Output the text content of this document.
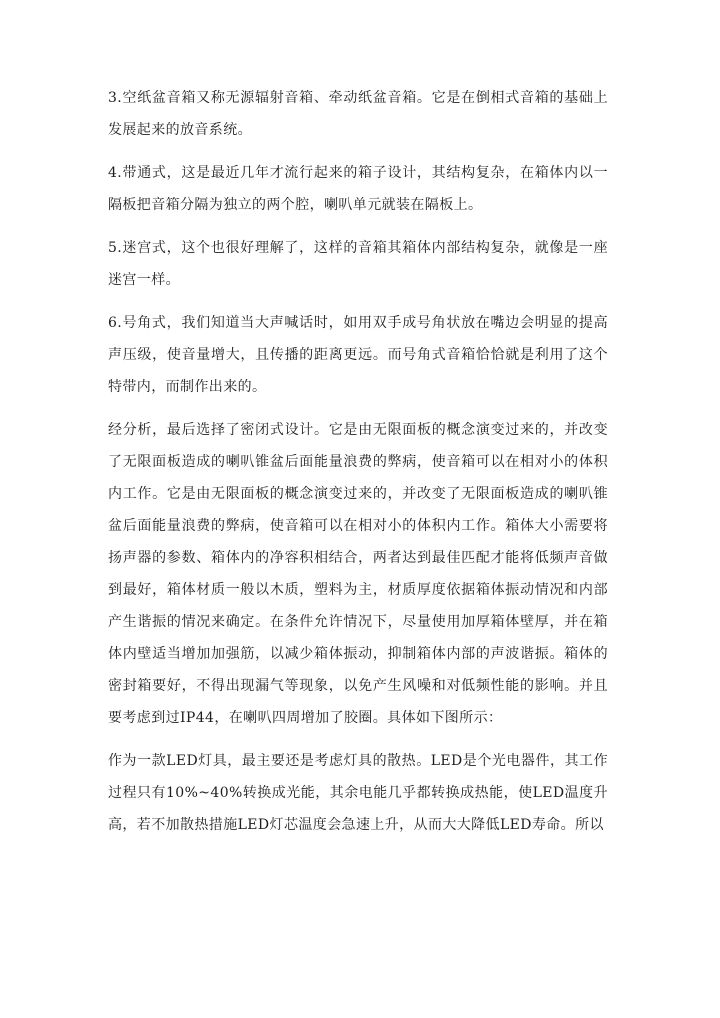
3.空纸盆音箱又称无源辐射音箱、牵动纸盆音箱。它是在倒相式音箱的基础上发展起来的放音系统。

4.带通式，这是最近几年才流行起来的箱子设计，其结构复杂，在箱体内以一隔板把音箱分隔为独立的两个腔，喇叭单元就装在隔板上。

5.迷宫式，这个也很好理解了，这样的音箱其箱体内部结构复杂，就像是一座迷宫一样。

6.号角式，我们知道当大声喊话时，如用双手成号角状放在嘴边会明显的提高声压级，使音量增大，且传播的距离更远。而号角式音箱恰恰就是利用了这个特带内，而制作出来的。

经分析，最后选择了密闭式设计。它是由无限面板的概念演变过来的，并改变了无限面板造成的喇叭锥盆后面能量浪费的弊病，使音箱可以在相对小的体积内工作。它是由无限面板的概念演变过来的，并改变了无限面板造成的喇叭锥盆后面能量浪费的弊病，使音箱可以在相对小的体积内工作。箱体大小需要将扬声器的参数、箱体内的净容积相结合，两者达到最佳匹配才能将低频声音做到最好，箱体材质一般以木质，塑料为主，材质厚度依据箱体振动情况和内部产生谐振的情况来确定。在条件允许情况下，尽量使用加厚箱体壁厚，并在箱体内壁适当增加加强筋，以减少箱体振动，抑制箱体内部的声波谐振。箱体的密封箱要好，不得出现漏气等现象，以免产生风噪和对低频性能的影响。并且要考虑到过IP44，在喇叭四周增加了胶圈。具体如下图所示：

作为一款LED灯具，最主要还是考虑灯具的散热。LED是个光电器件，其工作过程只有10%~40%转换成光能，其余电能几乎都转换成热能，使LED温度升高，若不加散热措施LED灯芯温度会急速上升，从而大大降低LED寿命。所以
